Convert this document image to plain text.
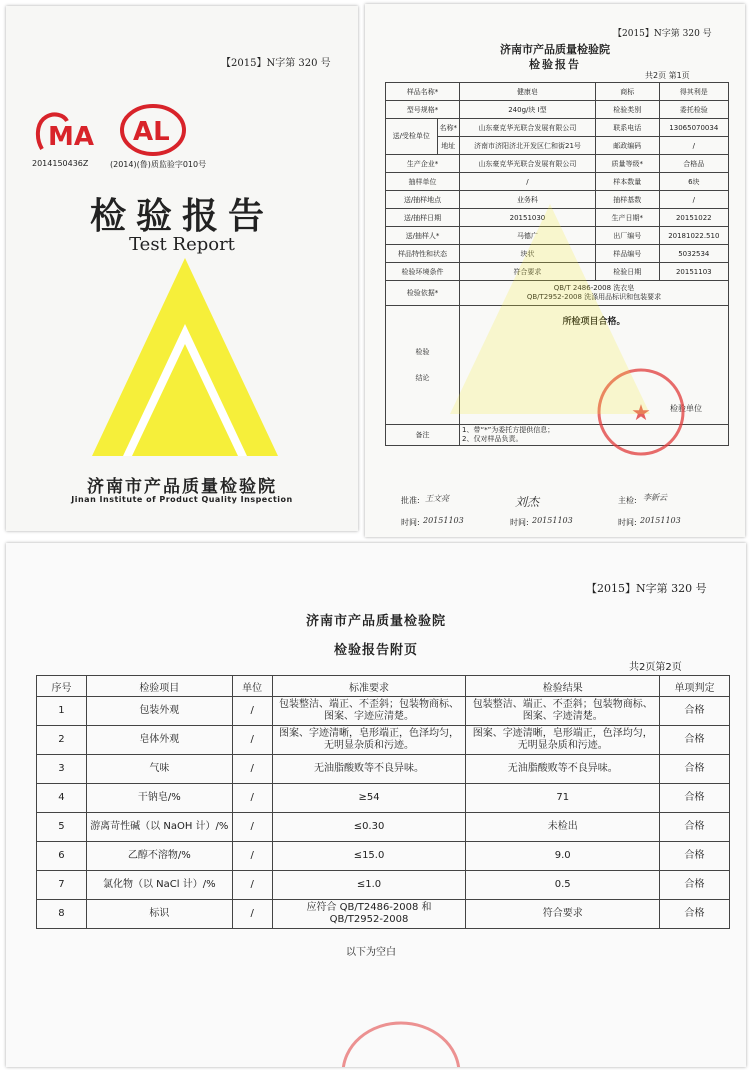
【2015】N字第 320 号
MA AL
2014150436Z	(2014)(鲁)质监验字010号
检验报告
Test Report
济南市产品质量检验院
Jinan Institute of Product Quality Inspection
【2015】N字第 320 号
济南市产品质量检验院
检验报告
共2页 第1页
样品名称*		健康皂	商标	得其利是
型号规格*		240g/块 Ⅰ型	检验类别	委托检验
送/受检单位	名称*	山东豪克华光联合发展有限公司	联系电话	13065070034
	地址	济南市济阳济北开发区仁和街21号	邮政编码	/
生产企业*		山东豪克华光联合发展有限公司	质量等级*	合格品
抽样单位		/	样本数量	6块
送/抽样地点		业务科	抽样基数	/
送/抽样日期		20151030	生产日期*	20151022
送/抽样人*		马德广	出厂编号	20181022.510
样品特性和状态		块状	样品编号	5032534
检验环境条件		符合要求	检验日期	20151103
检验依据*		QB/T 2486-2008 洗衣皂
QB/T2952-2008 洗涤用品标识和包装要求		

检验结论		所检项目合格。
检验单位		

备注		1、带“*”为委托方提供信息；
2、仅对样品负责。		
★
批准: 王文亮	刘杰	主检: 李新云
时间: 20151103	时间: 20151103	时间: 20151103
【2015】N字第 320 号
济南市产品质量检验院
检验报告附页
共2页第2页
序号	检验项目	单位	标准要求	检验结果	单项判定
1	包装外观	/	包装整洁、端正、不歪斜；包装物商标、图案、字迹应清楚。	包装整洁、端正、不歪斜；包装物商标、图案、字迹清楚。	合格
2	皂体外观	/	图案、字迹清晰，皂形端正，色泽均匀，无明显杂质和污迹。	图案、字迹清晰，皂形端正，色泽均匀，无明显杂质和污迹。	合格
3	气味	/	无油脂酸败等不良异味。	无油脂酸败等不良异味。	合格
4	干钠皂/%	/	≥54	71	合格
5	游离苛性碱（以 NaOH 计）/%	/	≤0.30	未检出	合格
6	乙醇不溶物/%	/	≤15.0	9.0	合格
7	氯化物（以 NaCl 计）/%	/	≤1.0	0.5	合格
8	标识	/	应符合 QB/T2486-2008 和 QB/T2952-2008	符合要求	合格
以下为空白
